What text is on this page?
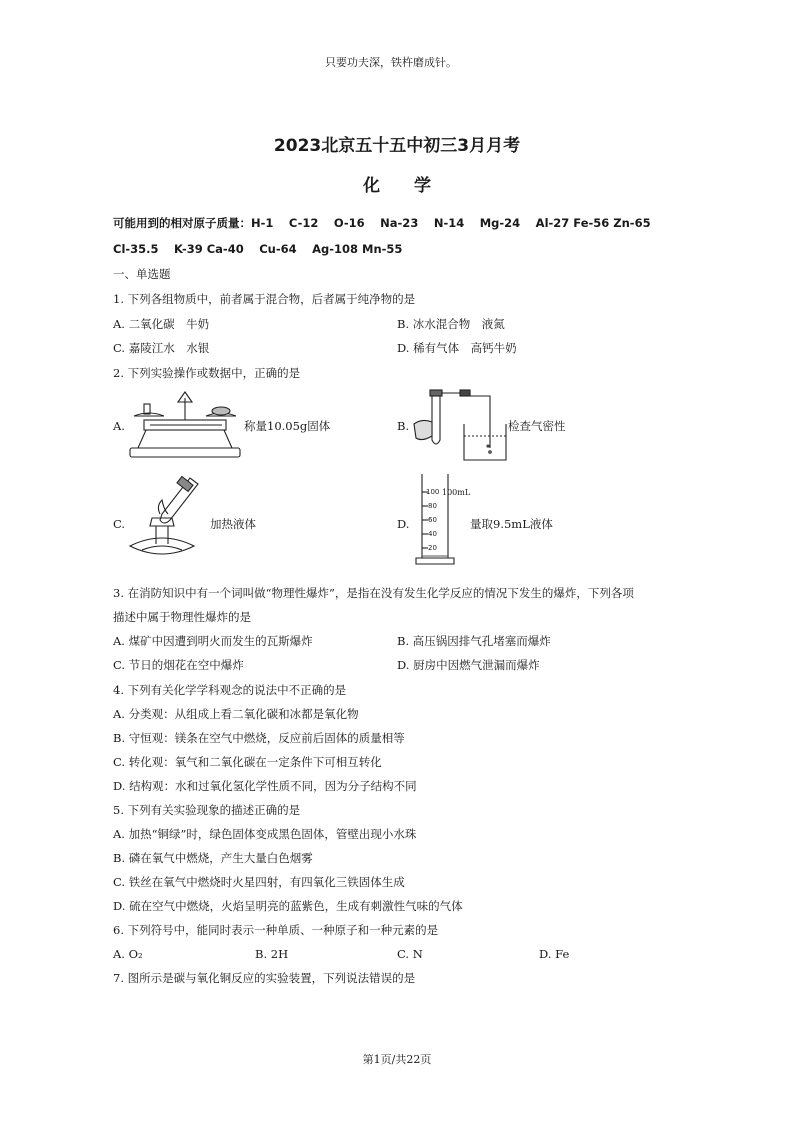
只要功夫深，铁杵磨成针。
2023北京五十五中初三3月月考
化　　学
可能用到的相对原子质量：H-1　 C-12　 O-16　 Na-23　 N-14　 Mg-24　 Al-27 Fe-56 Zn-65
Cl-35.5　 K-39 Ca-40　 Cu-64　 Ag-108 Mn-55
一、单选题
1. 下列各组物质中，前者属于混合物，后者属于纯净物的是
A. 二氧化碳　牛奶	B. 冰水混合物　液氮
C. 嘉陵江水　水银	D. 稀有气体　高钙牛奶
2. 下列实验操作或数据中，正确的是
A.	称量10.05g固体	B.	检查气密性
C.	加热液体	D.
100
80
60
40
20
100mL
量取9.5mL液体
3. 在消防知识中有一个词叫做“物理性爆炸”，是指在没有发生化学反应的情况下发生的爆炸，下列各项
描述中属于物理性爆炸的是
A. 煤矿中因遭到明火而发生的瓦斯爆炸	B. 高压锅因排气孔堵塞而爆炸
C. 节日的烟花在空中爆炸	D. 厨房中因燃气泄漏而爆炸
4. 下列有关化学学科观念的说法中不正确的是
A. 分类观：从组成上看二氧化碳和冰都是氧化物
B. 守恒观：镁条在空气中燃烧，反应前后固体的质量相等
C. 转化观：氧气和二氧化碳在一定条件下可相互转化
D. 结构观：水和过氧化氢化学性质不同，因为分子结构不同
5. 下列有关实验现象的描述正确的是
A. 加热“铜绿”时，绿色固体变成黑色固体，管壁出现小水珠
B. 磷在氧气中燃烧，产生大量白色烟雾
C. 铁丝在氧气中燃烧时火星四射，有四氧化三铁固体生成
D. 硫在空气中燃烧，火焰呈明亮的蓝紫色，生成有刺激性气味的气体
6. 下列符号中，能同时表示一种单质、一种原子和一种元素的是
A. O₂	B. 2H	C. N	D. Fe
7. 图所示是碳与氧化铜反应的实验装置，下列说法错误的是
第1页/共22页
